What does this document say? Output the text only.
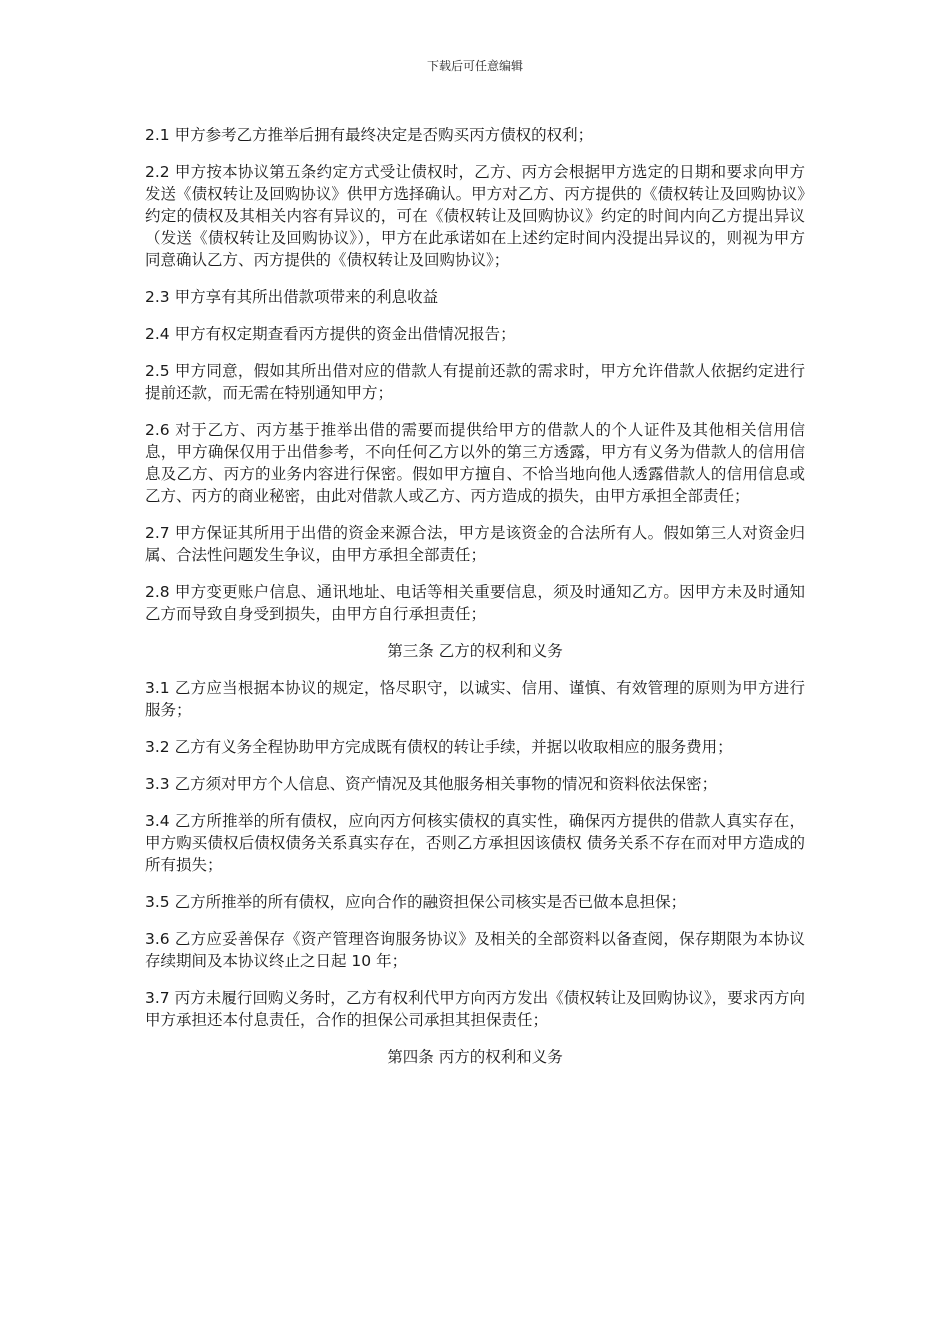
下载后可任意编辑

2.1 甲方参考乙方推举后拥有最终决定是否购买丙方债权的权利；

2.2 甲方按本协议第五条约定方式受让债权时，乙方、丙方会根据甲方选定的日期和要求向甲方发送《债权转让及回购协议》供甲方选择确认。甲方对乙方、丙方提供的《债权转让及回购协议》约定的债权及其相关内容有异议的，可在《债权转让及回购协议》约定的时间内向乙方提出异议（发送《债权转让及回购协议》），甲方在此承诺如在上述约定时间内没提出异议的，则视为甲方同意确认乙方、丙方提供的《债权转让及回购协议》；

2.3 甲方享有其所出借款项带来的利息收益

2.4 甲方有权定期查看丙方提供的资金出借情况报告；

2.5 甲方同意，假如其所出借对应的借款人有提前还款的需求时，甲方允许借款人依据约定进行提前还款，而无需在特别通知甲方；

2.6 对于乙方、丙方基于推举出借的需要而提供给甲方的借款人的个人证件及其他相关信用信息，甲方确保仅用于出借参考，不向任何乙方以外的第三方透露，甲方有义务为借款人的信用信息及乙方、丙方的业务内容进行保密。假如甲方擅自、不恰当地向他人透露借款人的信用信息或乙方、丙方的商业秘密，由此对借款人或乙方、丙方造成的损失，由甲方承担全部责任；

2.7 甲方保证其所用于出借的资金来源合法，甲方是该资金的合法所有人。假如第三人对资金归属、合法性问题发生争议，由甲方承担全部责任；

2.8 甲方变更账户信息、通讯地址、电话等相关重要信息，须及时通知乙方。因甲方未及时通知乙方而导致自身受到损失，由甲方自行承担责任；

第三条 乙方的权利和义务

3.1 乙方应当根据本协议的规定，恪尽职守，以诚实、信用、谨慎、有效管理的原则为甲方进行服务；

3.2 乙方有义务全程协助甲方完成既有债权的转让手续，并据以收取相应的服务费用；

3.3 乙方须对甲方个人信息、资产情况及其他服务相关事物的情况和资料依法保密；

3.4 乙方所推举的所有债权，应向丙方何核实债权的真实性，确保丙方提供的借款人真实存在，甲方购买债权后债权债务关系真实存在，否则乙方承担因该债权 债务关系不存在而对甲方造成的所有损失；

3.5 乙方所推举的所有债权，应向合作的融资担保公司核实是否已做本息担保；

3.6 乙方应妥善保存《资产管理咨询服务协议》及相关的全部资料以备查阅，保存期限为本协议存续期间及本协议终止之日起 10 年；

3.7 丙方未履行回购义务时，乙方有权利代甲方向丙方发出《债权转让及回购协议》，要求丙方向甲方承担还本付息责任，合作的担保公司承担其担保责任；

第四条 丙方的权利和义务
